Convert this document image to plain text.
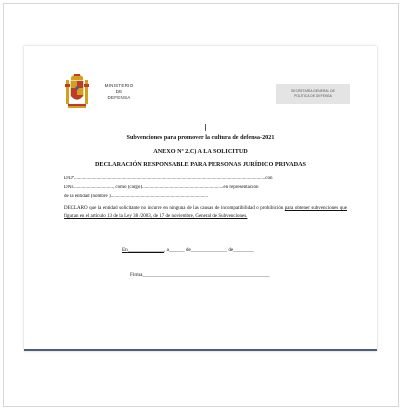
MINISTERIO
DE
DEFENSA
SECRETARÍA GENERAL DE
POLÍTICA DE DEFENSA
Subvenciones para promover la cultura de defensa-2021
ANEXO Nº 2.C) A LA SOLICITUD
DECLARACIÓN RESPONSABLE PARA PERSONAS JURÍDICO PRIVADAS
D/Dª.........................................................................................................................................................con
DNI................................, como (cargo).................................................................en representación
de la entidad (nombre )..............................................................................
DECLARO que la entidad solicitante no incurre en ninguna de las causas de incompatibilidad o prohibición para obtener subvenciones que figuran en el artículo 13 de la Ley 38 /2003, de 17 de noviembre, General de Subvenciones.
En______________, a______ de______________ de________
Firma_________________________________________________
